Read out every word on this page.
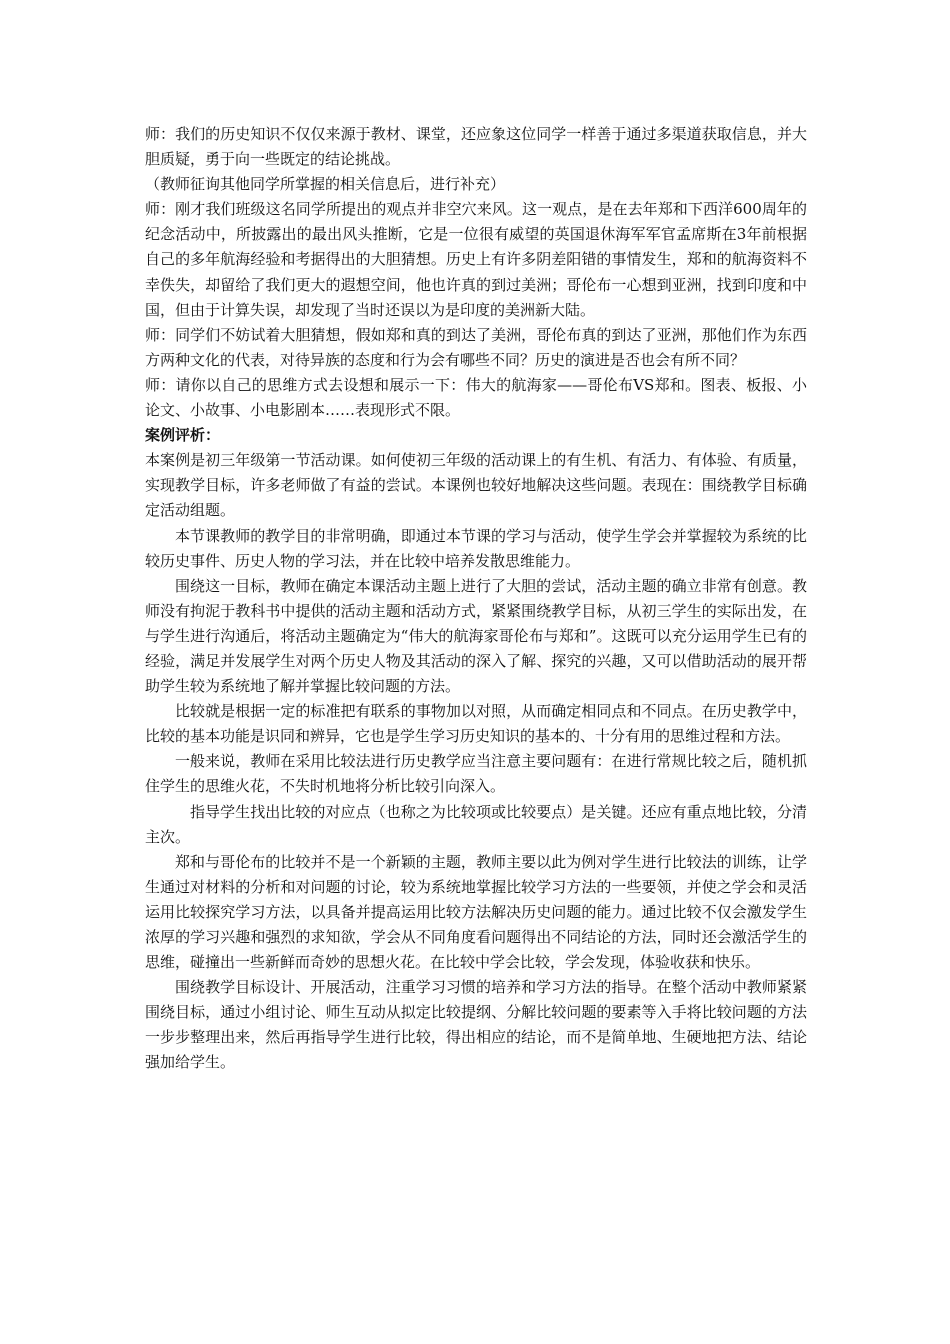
师：我们的历史知识不仅仅来源于教材、课堂，还应象这位同学一样善于通过多渠道获取信息，并大胆质疑，勇于向一些既定的结论挑战。

（教师征询其他同学所掌握的相关信息后，进行补充）

师：刚才我们班级这名同学所提出的观点并非空穴来风。这一观点，是在去年郑和下西洋600周年的纪念活动中，所披露出的最出风头推断，它是一位很有威望的英国退休海军军官孟席斯在3年前根据自己的多年航海经验和考据得出的大胆猜想。历史上有许多阴差阳错的事情发生，郑和的航海资料不幸佚失，却留给了我们更大的遐想空间，他也许真的到过美洲；哥伦布一心想到亚洲，找到印度和中国，但由于计算失误，却发现了当时还误以为是印度的美洲新大陆。

师：同学们不妨试着大胆猜想，假如郑和真的到达了美洲，哥伦布真的到达了亚洲，那他们作为东西方两种文化的代表，对待异族的态度和行为会有哪些不同？历史的演进是否也会有所不同？

师：请你以自己的思维方式去设想和展示一下：伟大的航海家——哥伦布VS郑和。图表、板报、小论文、小故事、小电影剧本……表现形式不限。

案例评析：

本案例是初三年级第一节活动课。如何使初三年级的活动课上的有生机、有活力、有体验、有质量，实现教学目标，许多老师做了有益的尝试。本课例也较好地解决这些问题。表现在：围绕教学目标确定活动组题。

本节课教师的教学目的非常明确，即通过本节课的学习与活动，使学生学会并掌握较为系统的比较历史事件、历史人物的学习法，并在比较中培养发散思维能力。

围绕这一目标，教师在确定本课活动主题上进行了大胆的尝试，活动主题的确立非常有创意。教师没有拘泥于教科书中提供的活动主题和活动方式，紧紧围绕教学目标，从初三学生的实际出发，在与学生进行沟通后，将活动主题确定为“伟大的航海家哥伦布与郑和”。这既可以充分运用学生已有的经验，满足并发展学生对两个历史人物及其活动的深入了解、探究的兴趣，又可以借助活动的展开帮助学生较为系统地了解并掌握比较问题的方法。

比较就是根据一定的标准把有联系的事物加以对照，从而确定相同点和不同点。在历史教学中，比较的基本功能是识同和辨异，它也是学生学习历史知识的基本的、十分有用的思维过程和方法。

一般来说，教师在采用比较法进行历史教学应当注意主要问题有：在进行常规比较之后，随机抓住学生的思维火花，不失时机地将分析比较引向深入。

指导学生找出比较的对应点（也称之为比较项或比较要点）是关键。还应有重点地比较，分清主次。

郑和与哥伦布的比较并不是一个新颖的主题，教师主要以此为例对学生进行比较法的训练，让学生通过对材料的分析和对问题的讨论，较为系统地掌握比较学习方法的一些要领，并使之学会和灵活运用比较探究学习方法，以具备并提高运用比较方法解决历史问题的能力。通过比较不仅会激发学生浓厚的学习兴趣和强烈的求知欲，学会从不同角度看问题得出不同结论的方法，同时还会激活学生的思维，碰撞出一些新鲜而奇妙的思想火花。在比较中学会比较，学会发现，体验收获和快乐。

围绕教学目标设计、开展活动，注重学习习惯的培养和学习方法的指导。在整个活动中教师紧紧围绕目标，通过小组讨论、师生互动从拟定比较提纲、分解比较问题的要素等入手将比较问题的方法一步步整理出来，然后再指导学生进行比较，得出相应的结论，而不是简单地、生硬地把方法、结论强加给学生。
